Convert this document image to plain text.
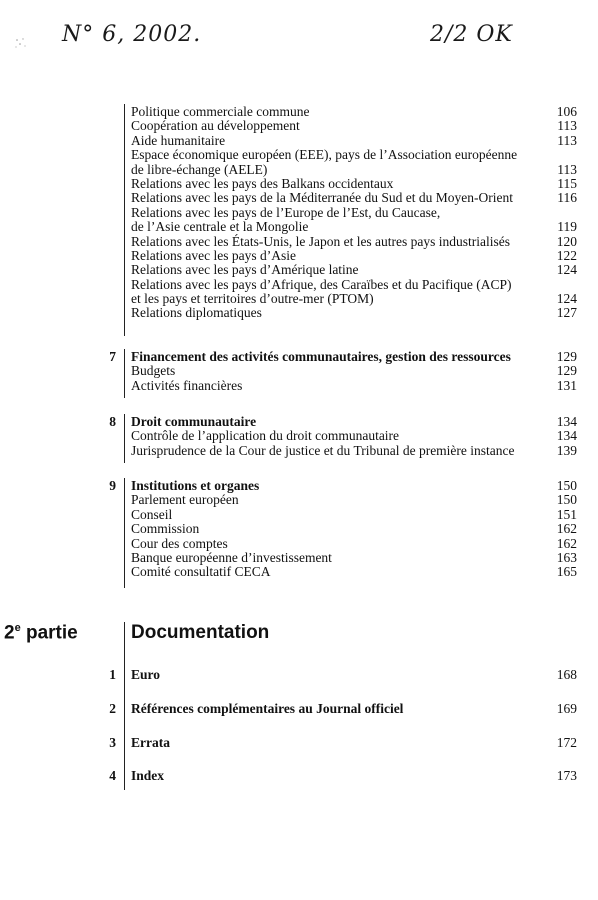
N° 6, 2002.	2/2 OK
Politique commerciale commune	106
Coopération au développement	113
Aide humanitaire	113
Espace économique européen (EEE), pays de l’Association européenne
de libre-échange (AELE)	113
Relations avec les pays des Balkans occidentaux	115
Relations avec les pays de la Méditerranée du Sud et du Moyen-Orient	116
Relations avec les pays de l’Europe de l’Est, du Caucase,
de l’Asie centrale et la Mongolie	119
Relations avec les États-Unis, le Japon et les autres pays industrialisés	120
Relations avec les pays d’Asie	122
Relations avec les pays d’Amérique latine	124
Relations avec les pays d’Afrique, des Caraïbes et du Pacifique (ACP)
et les pays et territoires d’outre-mer (PTOM)	124
Relations diplomatiques	127
7 Financement des activités communautaires, gestion des ressources	129
Budgets	129
Activités financières	131
8 Droit communautaire	134
Contrôle de l’application du droit communautaire	134
Jurisprudence de la Cour de justice et du Tribunal de première instance	139
9 Institutions et organes	150
Parlement européen	150
Conseil	151
Commission	162
Cour des comptes	162
Banque européenne d’investissement	163
Comité consultatif CECA	165
2e partie	Documentation
1 Euro	168
2 Références complémentaires au Journal officiel	169
3 Errata	172
4 Index	173
